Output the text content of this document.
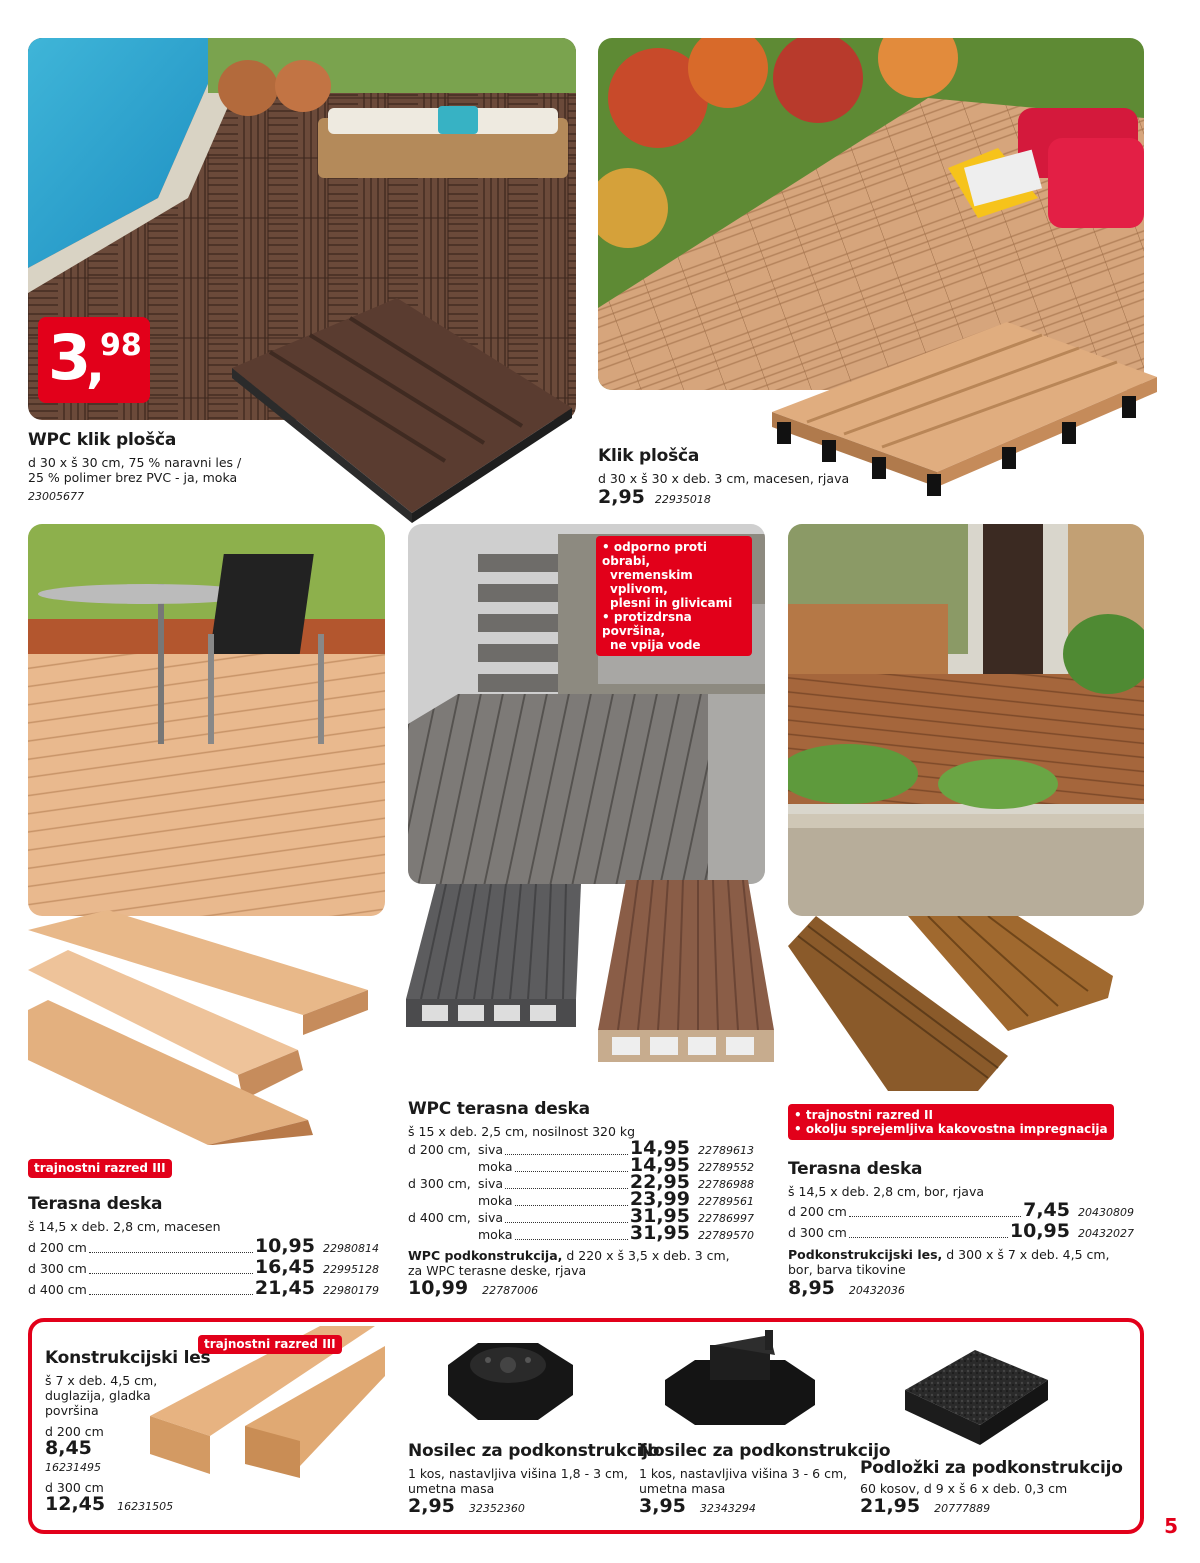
3
,
98
WPC klik plošča
d 30 x š 30 cm, 75 % naravni les /
25 % polimer brez PVC - ja, moka
23005677
Klik plošča
d 30 x š 30 x deb. 3 cm, macesen, rjava
2,95 22935018
trajnostni razred III
Terasna deska
š 14,5 x deb. 2,8 cm, macesen
d 200 cm	10,95 22980814
d 300 cm	16,45 22995128
d 400 cm	21,45 22980179
• odporno proti obrabi,
vremenskim vplivom,
plesni in glivicami
• protizdrsna površina,
ne vpija vode
WPC terasna deska
š 15 x deb. 2,5 cm, nosilnost 320 kg
d 200 cm, siva	14,95 22789613
moka	14,95 22789552
d 300 cm, siva	22,95 22786988
moka	23,99 22789561
d 400 cm, siva	31,95 22786997
moka	31,95 22789570
WPC podkonstrukcija, d 220 x š 3,5 x deb. 3 cm,
za WPC terasne deske, rjava
10,99 22787006
• trajnostni razred II
• okolju sprejemljiva kakovostna impregnacija
Terasna deska
š 14,5 x deb. 2,8 cm, bor, rjava
d 200 cm	7,45 20430809
d 300 cm	10,95 20432027
Podkonstrukcijski les, d 300 x š 7 x deb. 4,5 cm,
bor, barva tikovine
8,95 20432036
trajnostni razred III
Konstrukcijski les
š 7 x deb. 4,5 cm,
duglazija, gladka
površina
d 200 cm
8,45
16231495
d 300 cm
12,45 16231505
Nosilec za podkonstrukcijo
1 kos, nastavljiva višina 1,8 - 3 cm,
umetna masa
2,95 32352360
Nosilec za podkonstrukcijo
1 kos, nastavljiva višina 3 - 6 cm,
umetna masa
3,95 32343294
Podložki za podkonstrukcijo
60 kosov, d 9 x š 6 x deb. 0,3 cm
21,95 20777889
5
